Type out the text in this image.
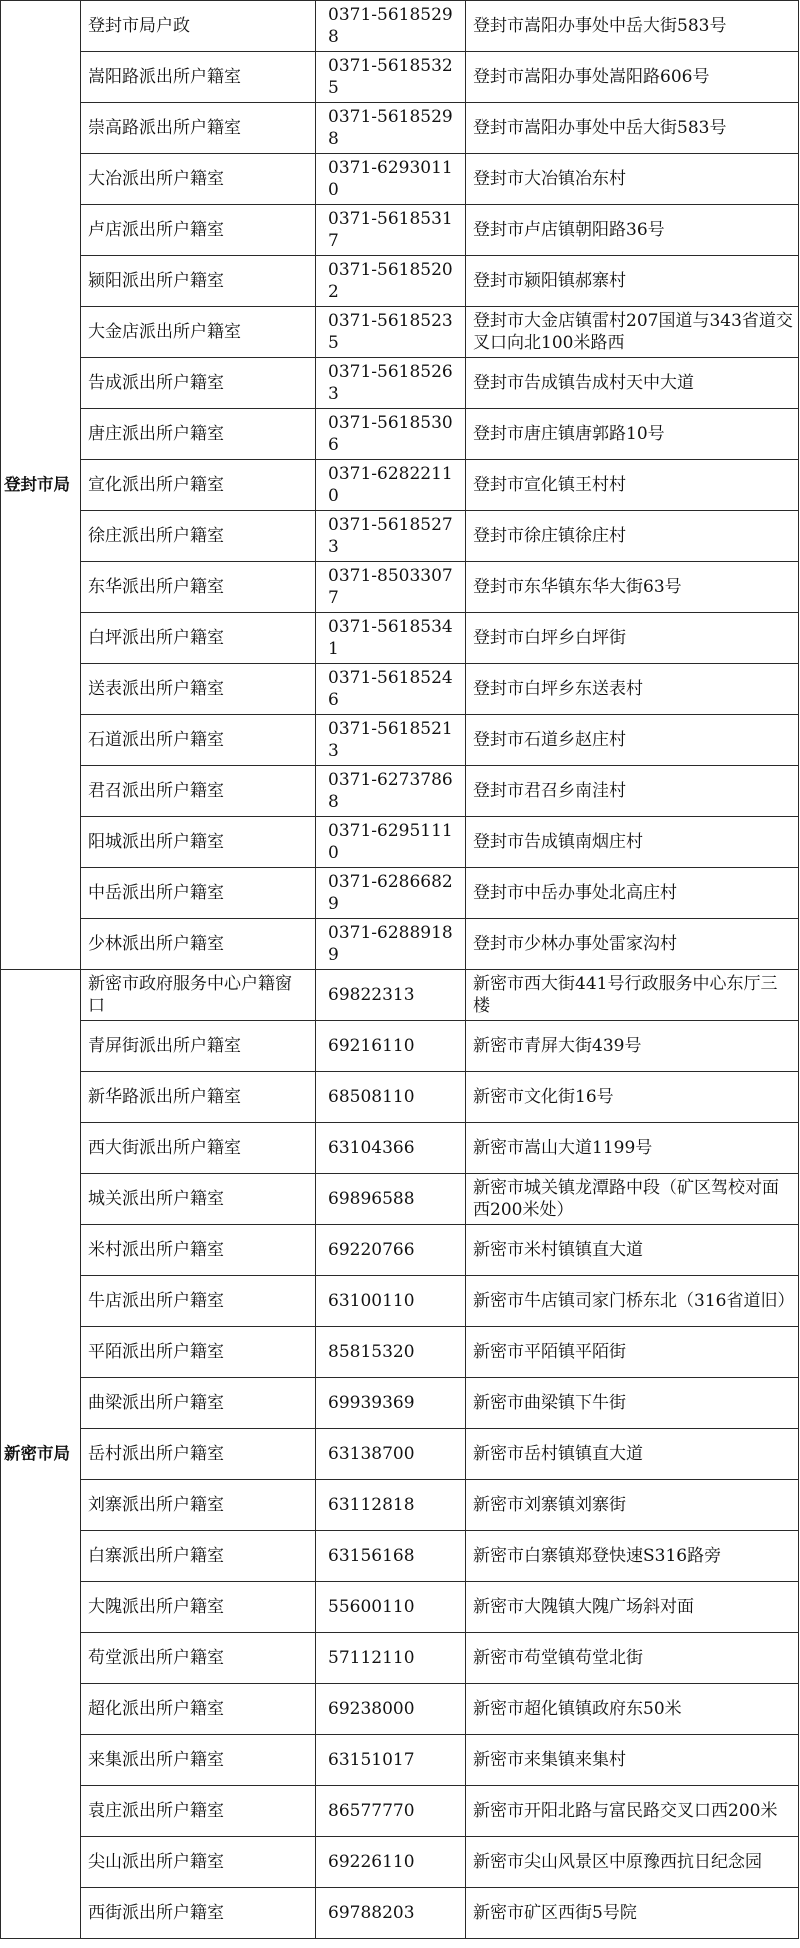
登封市局	登封市局户政	0371-56185298	登封市嵩阳办事处中岳大街583号
	嵩阳路派出所户籍室	0371-56185325	登封市嵩阳办事处嵩阳路606号
	崇高路派出所户籍室	0371-56185298	登封市嵩阳办事处中岳大街583号
	大冶派出所户籍室	0371-62930110	登封市大冶镇冶东村
	卢店派出所户籍室	0371-56185317	登封市卢店镇朝阳路36号
	颍阳派出所户籍室	0371-56185202	登封市颍阳镇郝寨村
	大金店派出所户籍室	0371-56185235	登封市大金店镇雷村207国道与343省道交叉口向北100米路西
	告成派出所户籍室	0371-56185263	登封市告成镇告成村天中大道
	唐庄派出所户籍室	0371-56185306	登封市唐庄镇唐郭路10号
	宣化派出所户籍室	0371-62822110	登封市宣化镇王村村
	徐庄派出所户籍室	0371-56185273	登封市徐庄镇徐庄村
	东华派出所户籍室	0371-85033077	登封市东华镇东华大街63号
	白坪派出所户籍室	0371-56185341	登封市白坪乡白坪街
	送表派出所户籍室	0371-56185246	登封市白坪乡东送表村
	石道派出所户籍室	0371-56185213	登封市石道乡赵庄村
	君召派出所户籍室	0371-62737868	登封市君召乡南洼村
	阳城派出所户籍室	0371-62951110	登封市告成镇南烟庄村
	中岳派出所户籍室	0371-62866829	登封市中岳办事处北高庄村
	少林派出所户籍室	0371-62889189	登封市少林办事处雷家沟村
新密市局	新密市政府服务中心户籍窗口	69822313	新密市西大街441号行政服务中心东厅三楼
	青屏街派出所户籍室	69216110	新密市青屏大街439号
	新华路派出所户籍室	68508110	新密市文化街16号
	西大街派出所户籍室	63104366	新密市嵩山大道1199号
	城关派出所户籍室	69896588	新密市城关镇龙潭路中段（矿区驾校对面西200米处）
	米村派出所户籍室	69220766	新密市米村镇镇直大道
	牛店派出所户籍室	63100110	新密市牛店镇司家门桥东北（316省道旧）
	平陌派出所户籍室	85815320	新密市平陌镇平陌街
	曲梁派出所户籍室	69939369	新密市曲梁镇下牛街
	岳村派出所户籍室	63138700	新密市岳村镇镇直大道
	刘寨派出所户籍室	63112818	新密市刘寨镇刘寨街
	白寨派出所户籍室	63156168	新密市白寨镇郑登快速S316路旁
	大隗派出所户籍室	55600110	新密市大隗镇大隗广场斜对面
	苟堂派出所户籍室	57112110	新密市苟堂镇苟堂北街
	超化派出所户籍室	69238000	新密市超化镇镇政府东50米
	来集派出所户籍室	63151017	新密市来集镇来集村
	袁庄派出所户籍室	86577770	新密市开阳北路与富民路交叉口西200米
	尖山派出所户籍室	69226110	新密市尖山风景区中原豫西抗日纪念园
	西街派出所户籍室	69788203	新密市矿区西街5号院
